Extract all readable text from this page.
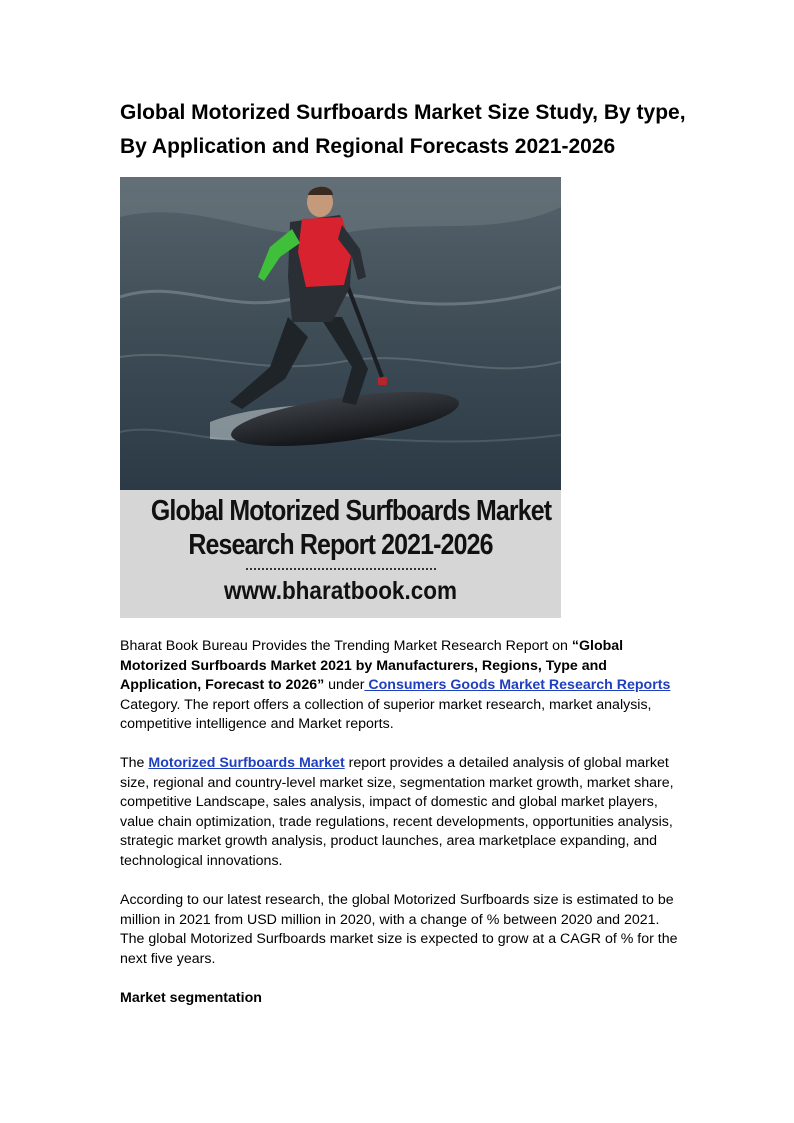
Global Motorized Surfboards Market Size Study, By type, By Application and Regional Forecasts 2021-2026
Global Motorized Surfboards Market
Research Report 2021-2026
www.bharatbook.com

Bharat Book Bureau Provides the Trending Market Research Report on “Global Motorized Surfboards Market 2021 by Manufacturers, Regions, Type and Application, Forecast to 2026” under Consumers Goods Market Research Reports Category. The report offers a collection of superior market research, market analysis, competitive intelligence and Market reports.

The Motorized Surfboards Market report provides a detailed analysis of global market size, regional and country-level market size, segmentation market growth, market share, competitive Landscape, sales analysis, impact of domestic and global market players, value chain optimization, trade regulations, recent developments, opportunities analysis, strategic market growth analysis, product launches, area marketplace expanding, and technological innovations.

According to our latest research, the global Motorized Surfboards size is estimated to be million in 2021 from USD million in 2020, with a change of % between 2020 and 2021. The global Motorized Surfboards market size is expected to grow at a CAGR of % for the next five years.

Market segmentation
